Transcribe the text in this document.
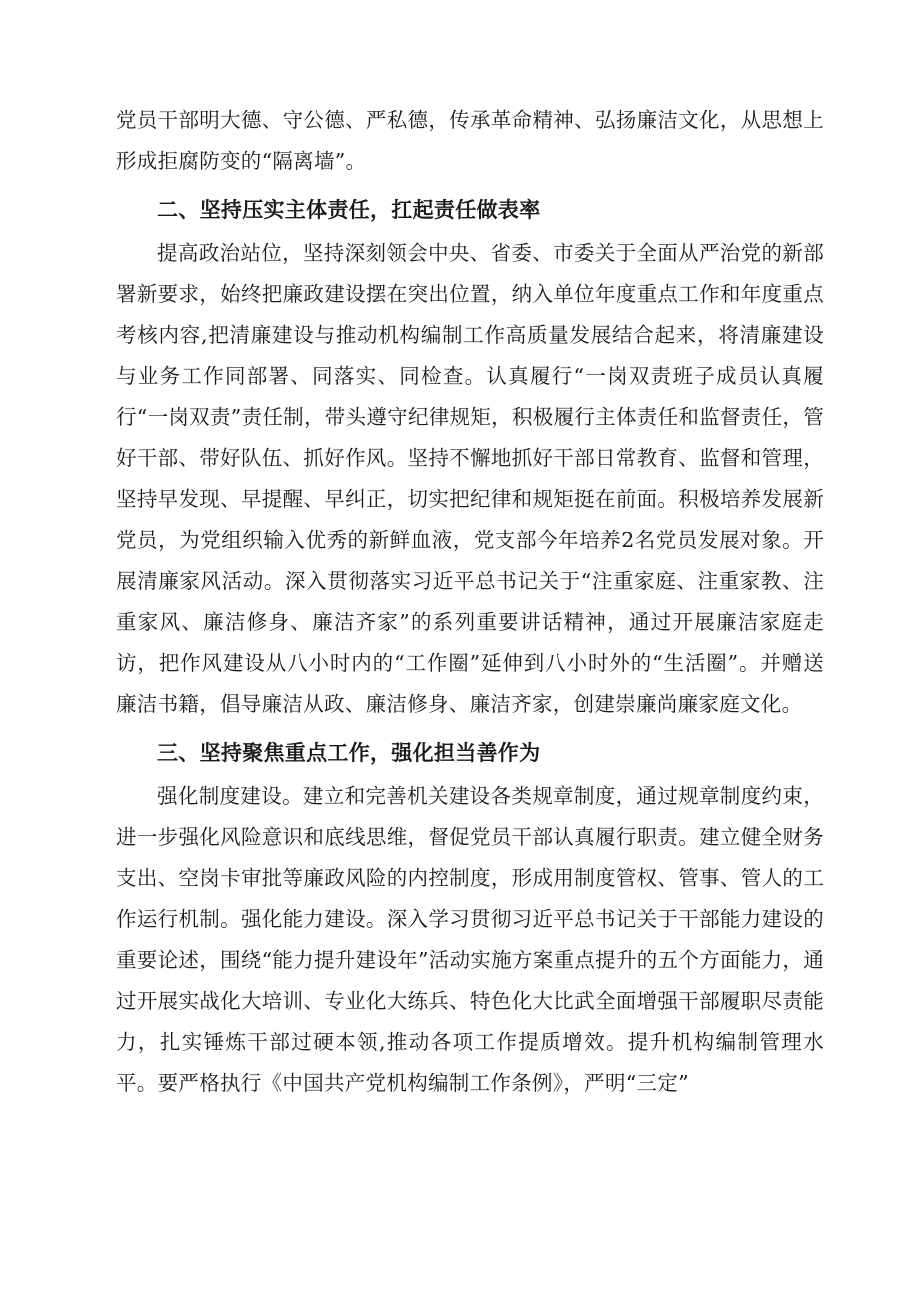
党员干部明大德、守公德、严私德，传承革命精神、弘扬廉洁文化，从思想上形成拒腐防变的“隔离墙”。

二、坚持压实主体责任，扛起责任做表率

提高政治站位，坚持深刻领会中央、省委、市委关于全面从严治党的新部署新要求，始终把廉政建设摆在突出位置，纳入单位年度重点工作和年度重点考核内容,把清廉建设与推动机构编制工作高质量发展结合起来，将清廉建设与业务工作同部署、同落实、同检查。认真履行“一岗双责班子成员认真履行“一岗双责”责任制，带头遵守纪律规矩，积极履行主体责任和监督责任，管好干部、带好队伍、抓好作风。坚持不懈地抓好干部日常教育、监督和管理，坚持早发现、早提醒、早纠正，切实把纪律和规矩挺在前面。积极培养发展新党员，为党组织输入优秀的新鲜血液，党支部今年培养2名党员发展对象。开展清廉家风活动。深入贯彻落实习近平总书记关于“注重家庭、注重家教、注重家风、廉洁修身、廉洁齐家”的系列重要讲话精神，通过开展廉洁家庭走访，把作风建设从八小时内的“工作圈”延伸到八小时外的“生活圈”。并赠送廉洁书籍，倡导廉洁从政、廉洁修身、廉洁齐家，创建崇廉尚廉家庭文化。

三、坚持聚焦重点工作，强化担当善作为

强化制度建设。建立和完善机关建设各类规章制度，通过规章制度约束，进一步强化风险意识和底线思维，督促党员干部认真履行职责。建立健全财务支出、空岗卡审批等廉政风险的内控制度，形成用制度管权、管事、管人的工作运行机制。强化能力建设。深入学习贯彻习近平总书记关于干部能力建设的重要论述，围绕“能力提升建设年”活动实施方案重点提升的五个方面能力，通过开展实战化大培训、专业化大练兵、特色化大比武全面增强干部履职尽责能力，扎实锤炼干部过硬本领,推动各项工作提质增效。提升机构编制管理水平。要严格执行《中国共产党机构编制工作条例》，严明“三定”
